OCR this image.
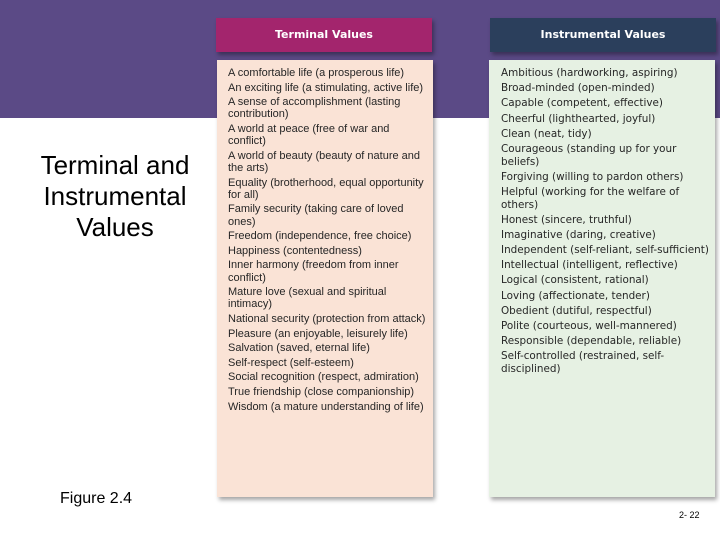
Terminal and
Instrumental
Values
Terminal Values	Instrumental Values
A comfortable life (a prosperous life)
An exciting life (a stimulating, active life)
A sense of accomplishment (lasting contribution)
A world at peace (free of war and conflict)
A world of beauty (beauty of nature and the arts)
Equality (brotherhood, equal opportunity for all)
Family security (taking care of loved ones)
Freedom (independence, free choice)
Happiness (contentedness)
Inner harmony (freedom from inner conflict)
Mature love (sexual and spiritual intimacy)
National security (protection from attack)
Pleasure (an enjoyable, leisurely life)
Salvation (saved, eternal life)
Self-respect (self-esteem)
Social recognition (respect, admiration)
True friendship (close companionship)
Wisdom (a mature understanding of life)
Ambitious (hardworking, aspiring)
Broad-minded (open-minded)
Capable (competent, effective)
Cheerful (lighthearted, joyful)
Clean (neat, tidy)
Courageous (standing up for your beliefs)
Forgiving (willing to pardon others)
Helpful (working for the welfare of others)
Honest (sincere, truthful)
Imaginative (daring, creative)
Independent (self-reliant, self-sufficient)
Intellectual (intelligent, reflective)
Logical (consistent, rational)
Loving (affectionate, tender)
Obedient (dutiful, respectful)
Polite (courteous, well-mannered)
Responsible (dependable, reliable)
Self-controlled (restrained, self-disciplined)
Figure 2.4
2- 22
